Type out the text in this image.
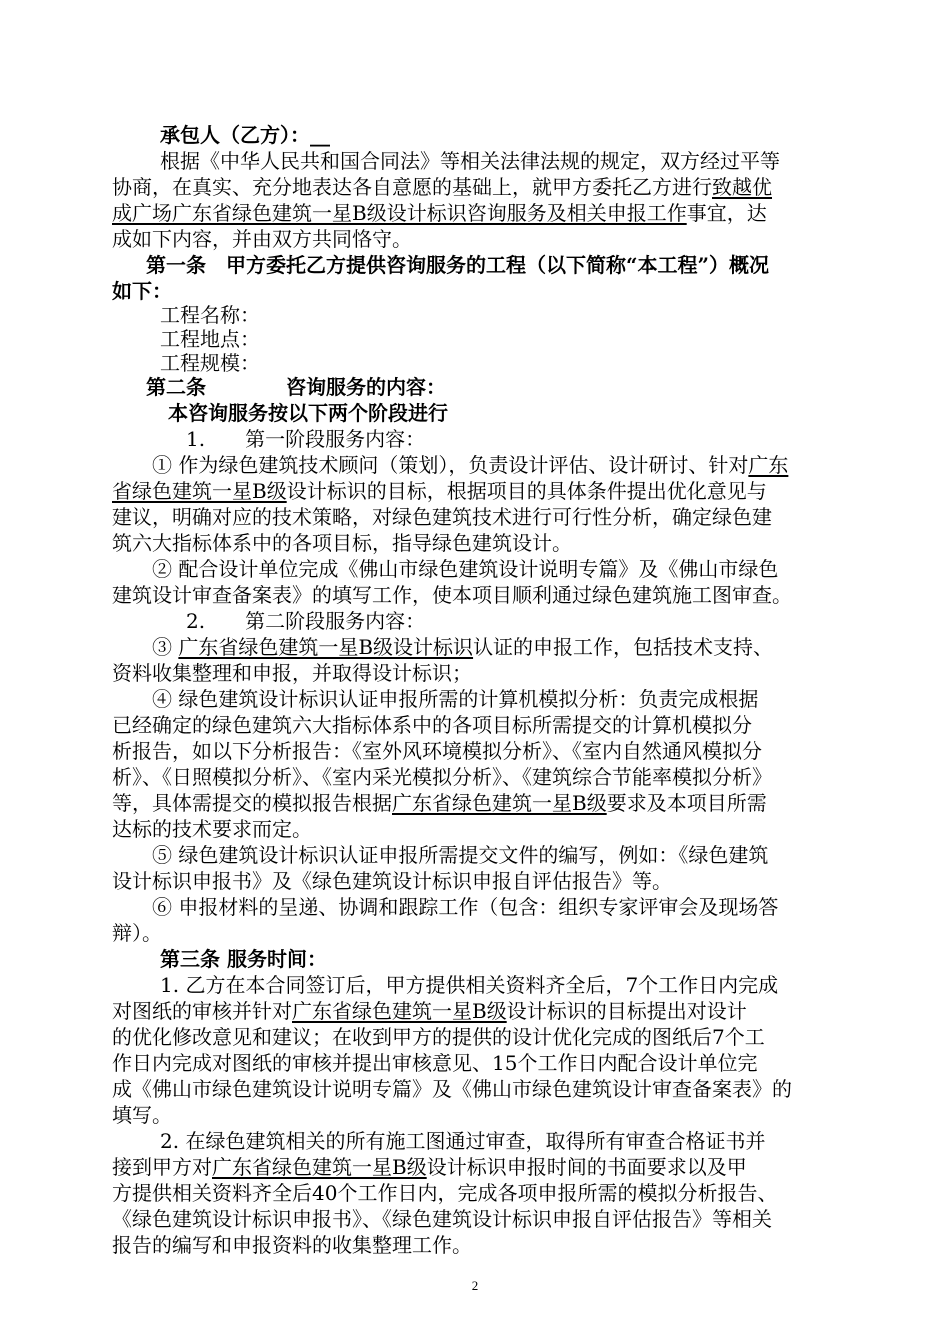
承包人（乙方）：__
根据《中华人民共和国合同法》等相关法律法规的规定，双方经过平等
协商，在真实、充分地表达各自意愿的基础上，就甲方委托乙方进行致越优
成广场广东省绿色建筑一星B级设计标识咨询服务及相关申报工作事宜，达
成如下内容，并由双方共同恪守。
第一条　甲方委托乙方提供咨询服务的工程（以下简称“本工程”）概况
如下：
工程名称：
工程地点：
工程规模：
第二条　　　　咨询服务的内容：
本咨询服务按以下两个阶段进行
1.　　第一阶段服务内容：
① 作为绿色建筑技术顾问（策划），负责设计评估、设计研讨、针对广东
省绿色建筑一星B级设计标识的目标，根据项目的具体条件提出优化意见与
建议，明确对应的技术策略，对绿色建筑技术进行可行性分析，确定绿色建
筑六大指标体系中的各项目标，指导绿色建筑设计。
② 配合设计单位完成《佛山市绿色建筑设计说明专篇》及《佛山市绿色
建筑设计审查备案表》的填写工作，使本项目顺利通过绿色建筑施工图审查。
2.　　第二阶段服务内容：
③ 广东省绿色建筑一星B级设计标识认证的申报工作，包括技术支持、
资料收集整理和申报，并取得设计标识；
④ 绿色建筑设计标识认证申报所需的计算机模拟分析：负责完成根据
已经确定的绿色建筑六大指标体系中的各项目标所需提交的计算机模拟分
析报告，如以下分析报告：《室外风环境模拟分析》、《室内自然通风模拟分
析》、《日照模拟分析》、《室内采光模拟分析》、《建筑综合节能率模拟分析》
等，具体需提交的模拟报告根据广东省绿色建筑一星B级要求及本项目所需
达标的技术要求而定。
⑤ 绿色建筑设计标识认证申报所需提交文件的编写，例如：《绿色建筑
设计标识申报书》及《绿色建筑设计标识申报自评估报告》等。
⑥ 申报材料的呈递、协调和跟踪工作（包含：组织专家评审会及现场答
辩）。
第三条 服务时间：
1. 乙方在本合同签订后，甲方提供相关资料齐全后，7个工作日内完成
对图纸的审核并针对广东省绿色建筑一星B级设计标识的目标提出对设计
的优化修改意见和建议；在收到甲方的提供的设计优化完成的图纸后7个工
作日内完成对图纸的审核并提出审核意见、15个工作日内配合设计单位完
成《佛山市绿色建筑设计说明专篇》及《佛山市绿色建筑设计审查备案表》的
填写。
2. 在绿色建筑相关的所有施工图通过审查，取得所有审查合格证书并
接到甲方对广东省绿色建筑一星B级设计标识申报时间的书面要求以及甲
方提供相关资料齐全后40个工作日内，完成各项申报所需的模拟分析报告、
《绿色建筑设计标识申报书》、《绿色建筑设计标识申报自评估报告》等相关
报告的编写和申报资料的收集整理工作。
2
